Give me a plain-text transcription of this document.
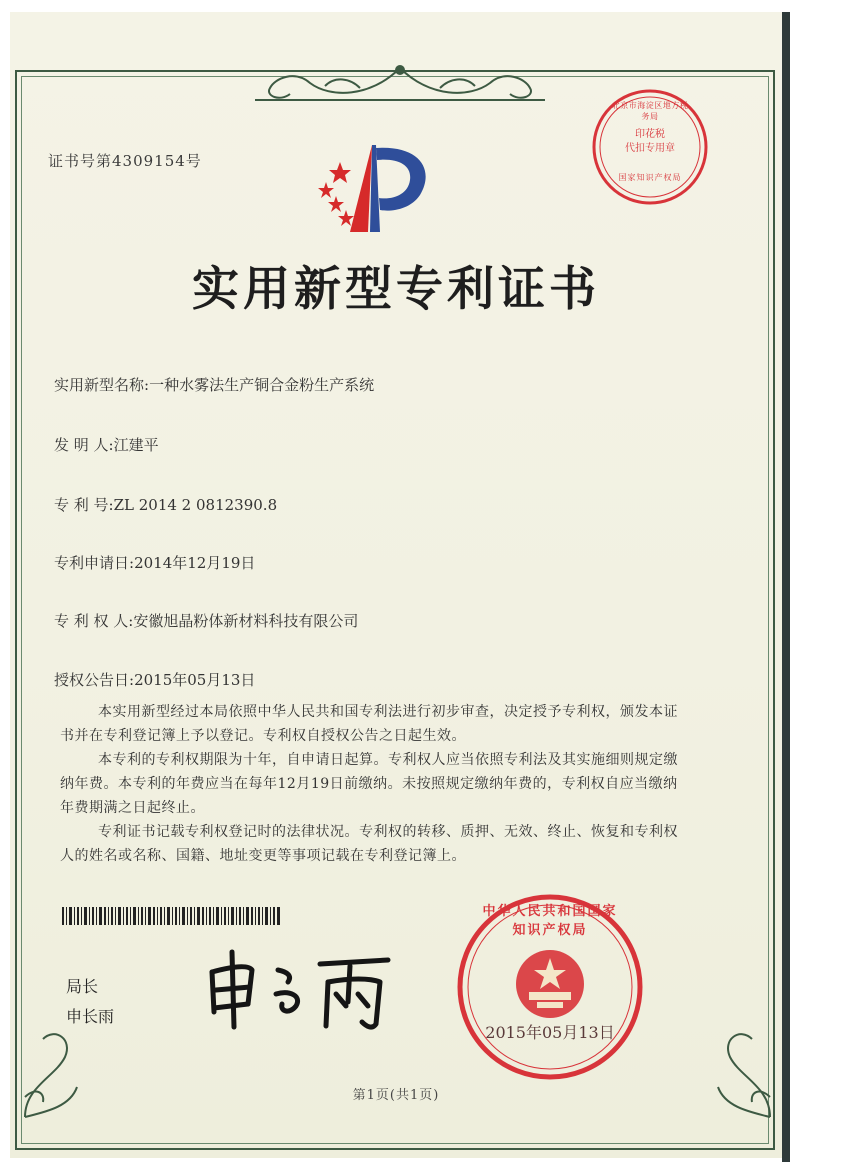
证书号第4309154号
印花税
代扣专用章
北京市海淀区地方税务局
国家知识产权局
实用新型专利证书
实用新型名称:一种水雾法生产铜合金粉生产系统
发 明 人:江建平
专 利 号:ZL 2014 2 0812390.8
专利申请日:2014年12月19日
专 利 权 人:安徽旭晶粉体新材料科技有限公司
授权公告日:2015年05月13日
本实用新型经过本局依照中华人民共和国专利法进行初步审查，决定授予专利权，颁发本证书并在专利登记簿上予以登记。专利权自授权公告之日起生效。
本专利的专利权期限为十年，自申请日起算。专利权人应当依照专利法及其实施细则规定缴纳年费。本专利的年费应当在每年12月19日前缴纳。未按照规定缴纳年费的，专利权自应当缴纳年费期满之日起终止。
专利证书记载专利权登记时的法律状况。专利权的转移、质押、无效、终止、恢复和专利权人的姓名或名称、国籍、地址变更等事项记载在专利登记簿上。
局长
申长雨
中华人民共和国国家知识产权局
2015年05月13日
第1页(共1页)
